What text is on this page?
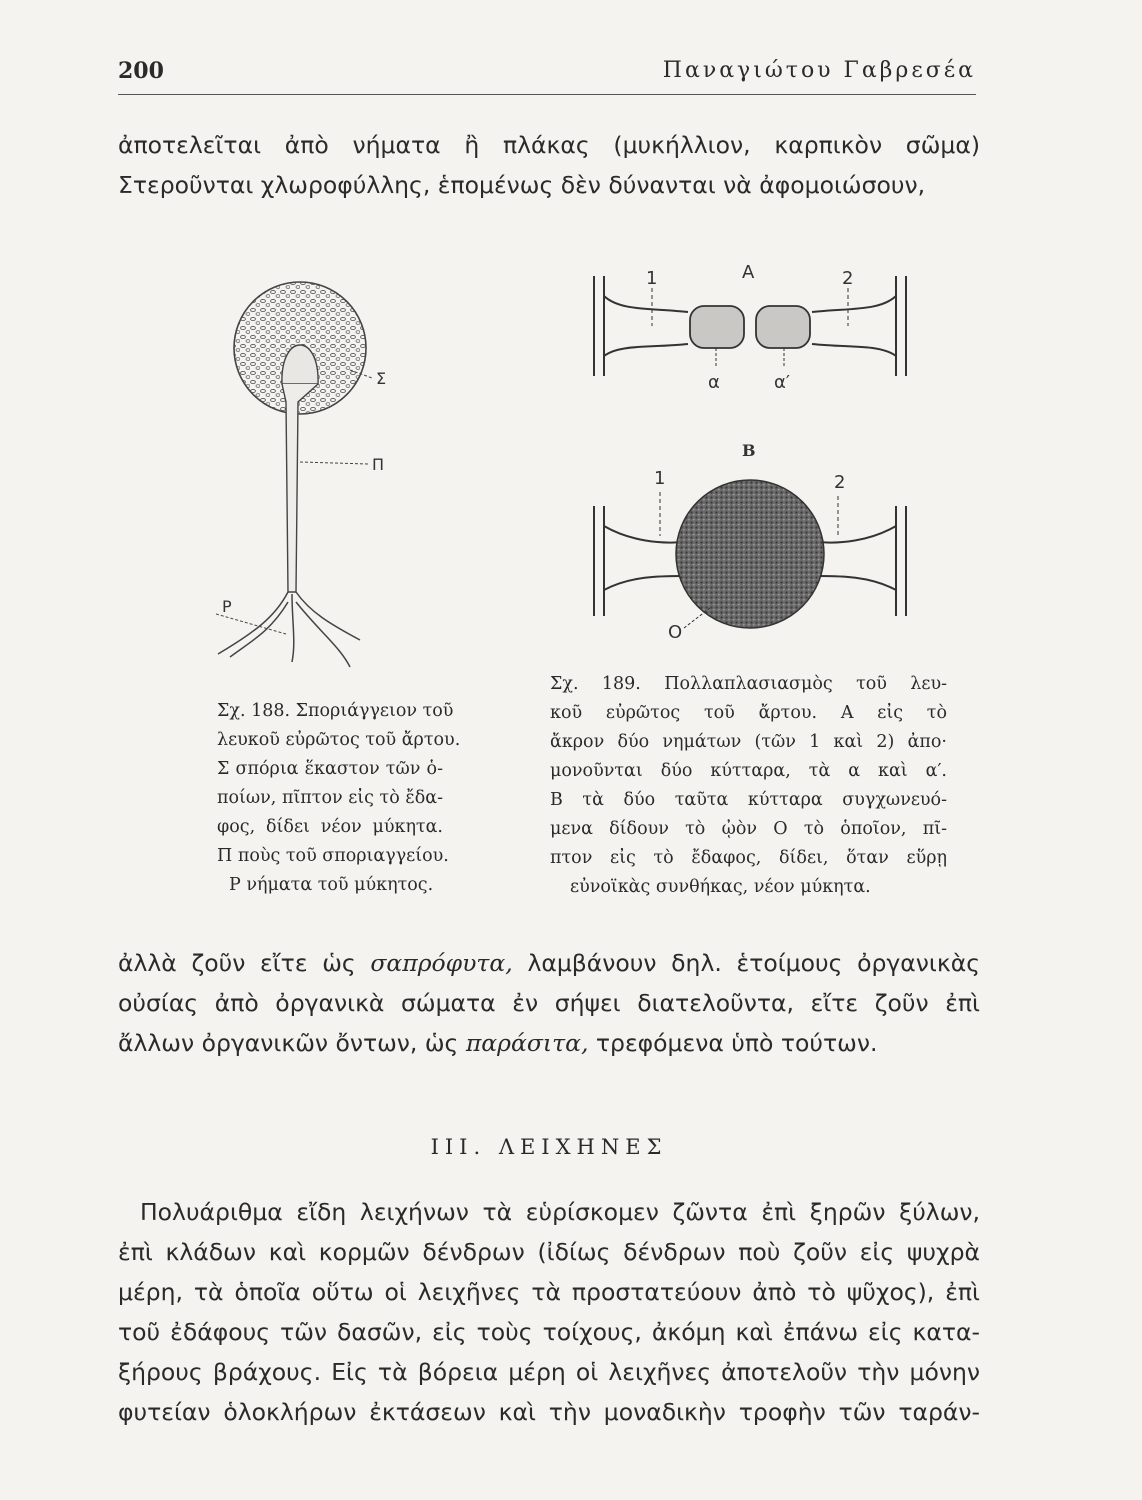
200	Παναγιώτου Γαβρεσέα
ἀποτελεῖται ἀπὸ νήματα ἢ πλάκας (μυκήλλιον, καρπικὸν σῶμα)
Στεροῦνται χλωροφύλλης, ἑπομένως δὲν δύνανται νὰ ἀφομοιώσουν,
Σ
Π
Ρ
Α
1	2
α	α′
Β
1	2
Ο
Σχ. 188. Σποριάγγειον τοῦ
λευκοῦ εὐρῶτος τοῦ ἄρτου.
Σ σπόρια ἕκαστον τῶν ὁ-
ποίων, πῖπτον εἰς τὸ ἔδα-
φος, δίδει νέον μύκητα.
Π ποὺς τοῦ σποριαγγείου.
Ρ νήματα τοῦ μύκητος.
Σχ. 189. Πολλαπλασιασμὸς τοῦ λευ-
κοῦ εὐρῶτος τοῦ ἄρτου. Α εἰς τὸ
ἄκρον δύο νημάτων (τῶν 1 καὶ 2) ἀπο·
μονοῦνται δύο κύτταρα, τὰ α καὶ α′.
Β τὰ δύο ταῦτα κύτταρα συγχωνευό-
μενα δίδουν τὸ ᾠὸν Ο τὸ ὁποῖον, πῖ-
πτον εἰς τὸ ἔδαφος, δίδει, ὅταν εὕρῃ
εὐνοϊκὰς συνθήκας, νέον μύκητα.
ἀλλὰ ζοῦν εἴτε ὡς σαπρόφυτα, λαμβάνουν δηλ. ἑτοίμους ὀργανικὰς
οὐσίας ἀπὸ ὀργανικὰ σώματα ἐν σήψει διατελοῦντα, εἴτε ζοῦν ἐπὶ
ἄλλων ὀργανικῶν ὄντων, ὡς παράσιτα, τρεφόμενα ὑπὸ τούτων.
III. ΛΕΙΧΗΝΕΣ
Πολυάριθμα εἴδη λειχήνων τὰ εὑρίσκομεν ζῶντα ἐπὶ ξηρῶν ξύλων,
ἐπὶ κλάδων καὶ κορμῶν δένδρων (ἰδίως δένδρων ποὺ ζοῦν εἰς ψυχρὰ
μέρη, τὰ ὁποῖα οὕτω οἱ λειχῆνες τὰ προστατεύουν ἀπὸ τὸ ψῦχος), ἐπὶ
τοῦ ἐδάφους τῶν δασῶν, εἰς τοὺς τοίχους, ἀκόμη καὶ ἐπάνω εἰς κατα-
ξήρους βράχους. Εἰς τὰ βόρεια μέρη οἱ λειχῆνες ἀποτελοῦν τὴν μόνην
φυτείαν ὁλοκλήρων ἐκτάσεων καὶ τὴν μοναδικὴν τροφὴν τῶν ταράν-
